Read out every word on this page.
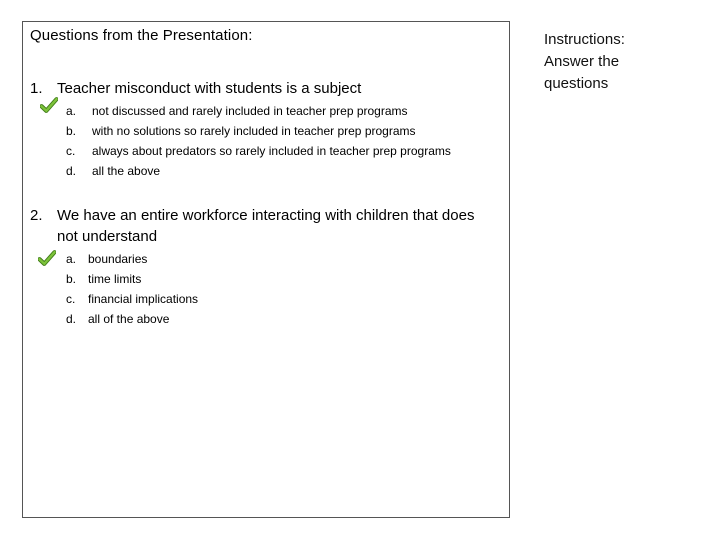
Questions from the Presentation:
1. Teacher misconduct with students is a subject
a. not discussed and rarely included in teacher prep programs
b. with no solutions so rarely included in teacher prep programs
c. always about predators so rarely included in teacher prep programs
d. all the above
2. We have an entire workforce interacting with children that does not understand
a. boundaries
b. time limits
c. financial implications
d. all of the above
Instructions:
Answer the
questions
